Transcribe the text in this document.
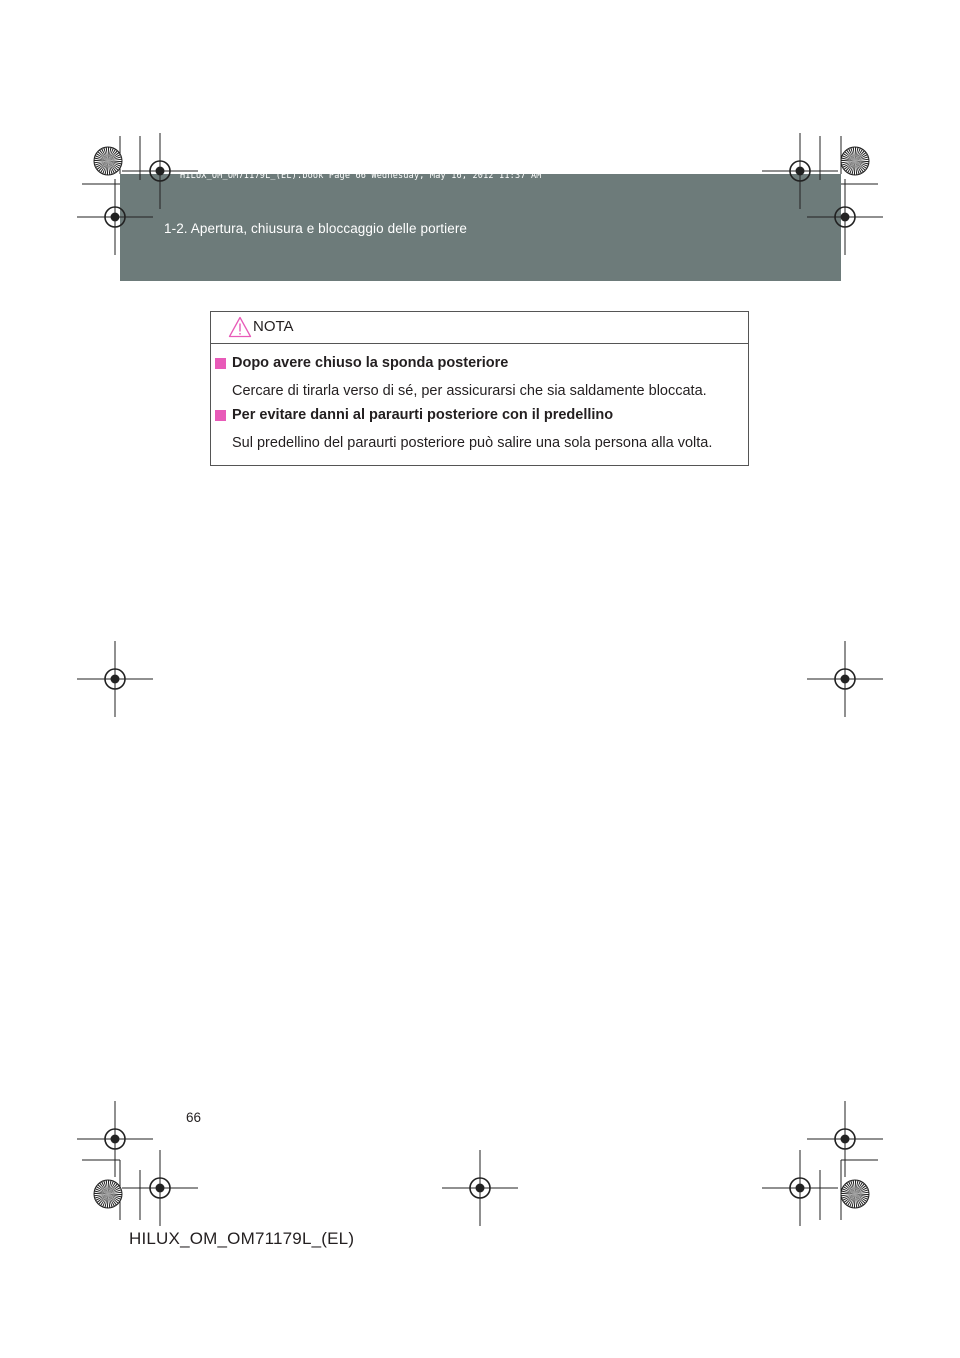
HILUX_OM_OM71179L_(EL).book Page 66 Wednesday, May 16, 2012 11:37 AM
1-2. Apertura, chiusura e bloccaggio delle portiere
NOTA
Dopo avere chiuso la sponda posteriore
Cercare di tirarla verso di sé, per assicurarsi che sia saldamente bloccata.
Per evitare danni al paraurti posteriore con il predellino
Sul predellino del paraurti posteriore può salire una sola persona alla volta.
66
HILUX_OM_OM71179L_(EL)
